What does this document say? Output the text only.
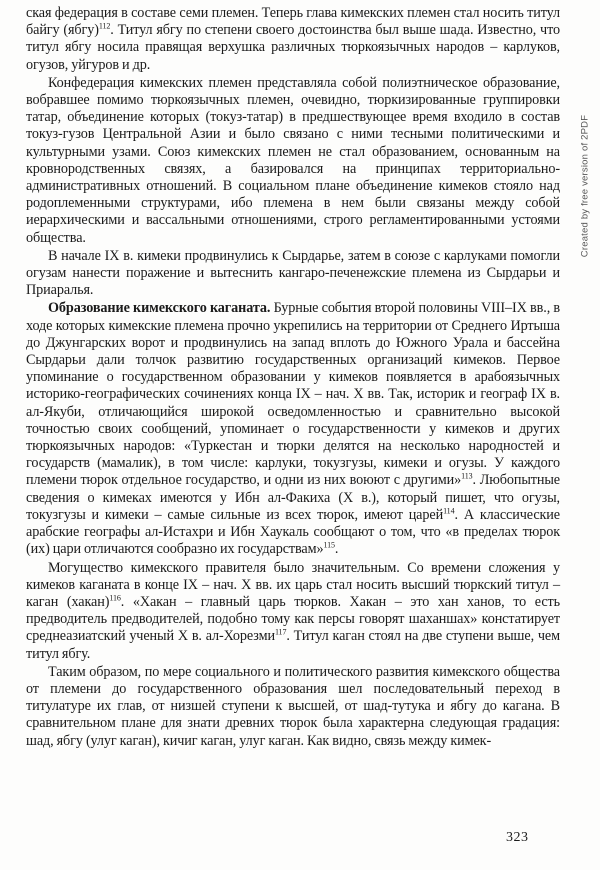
ская федерация в составе семи племен. Теперь глава кимекских племен стал носить титул байгу (ябгу)$^{112}$. Титул ябгу по степени своего достоинства был выше шада. Известно, что титул ябгу носила правящая верхушка различных тюркоязычных народов – карлуков, огузов, уйгуров и др.

Конфедерация кимекских племен представляла собой полиэтническое образование, вобравшее помимо тюркоязычных племен, очевидно, тюркизированные группировки татар, объединение которых (токуз-татар) в предшествующее время входило в состав токуз-гузов Центральной Азии и было связано с ними тесными политическими и культурными узами. Союз кимекских племен не стал образованием, основанным на кровнородственных связях, а базировался на принципах территориально-административных отношений. В социальном плане объединение кимеков стояло над родоплеменными структурами, ибо племена в нем были связаны между собой иерархическими и вассальными отношениями, строго регламентированными устоями общества.

В начале IX в. кимеки продвинулись к Сырдарье, затем в союзе с карлуками помогли огузам нанести поражение и вытеснить кангаро-печенежские племена из Сырдарьи и Приаралья.

Образование кимекского каганата. Бурные события второй половины VIII–IX вв., в ходе которых кимекские племена прочно укрепились на территории от Среднего Иртыша до Джунгарских ворот и продвинулись на запад вплоть до Южного Урала и бассейна Сырдарьи дали толчок развитию государственных организаций кимеков. Первое упоминание о государственном образовании у кимеков появляется в арабоязычных историко-географических сочинениях конца IX – нач. X вв. Так, историк и географ IX в. ал-Якуби, отличающийся широкой осведомленностью и сравнительно высокой точностью своих сообщений, упоминает о государственности у кимеков и других тюркоязычных народов: «Туркестан и тюрки делятся на несколько народностей и государств (мамалик), в том числе: карлуки, токузгузы, кимеки и огузы. У каждого племени тюрок отдельное государство, и одни из них воюют с другими»$^{113}$. Любопытные сведения о кимеках имеются у Ибн ал-Факиха (X в.), который пишет, что огузы, токузгузы и кимеки – самые сильные из всех тюрок, имеют царей$^{114}$. А классические арабские географы ал-Истахри и Ибн Хаукаль сообщают о том, что «в пределах тюрок (их) цари отличаются сообразно их государствам»$^{115}$.

Могущество кимекского правителя было значительным. Со времени сложения у кимеков каганата в конце IX – нач. X вв. их царь стал носить высший тюркский титул – каган (хакан)$^{116}$. «Хакан – главный царь тюрков. Хакан – это хан ханов, то есть предводитель предводителей, подобно тому как персы говорят шаханшах» констатирует среднеазиатский ученый X в. ал-Хорезми$^{117}$. Титул каган стоял на две ступени выше, чем титул ябгу.

Таким образом, по мере социального и политического развития кимекского общества от племени до государственного образования шел последовательный переход в титулатуре их глав, от низшей ступени к высшей, от шад-тутука и ябгу до кагана. В сравнительном плане для знати древних тюрок была характерна следующая градация: шад, ябгу (улуг каган), кичиг каган, улуг каган. Как видно, связь между кимек-

323
Created by free version of 2PDF
